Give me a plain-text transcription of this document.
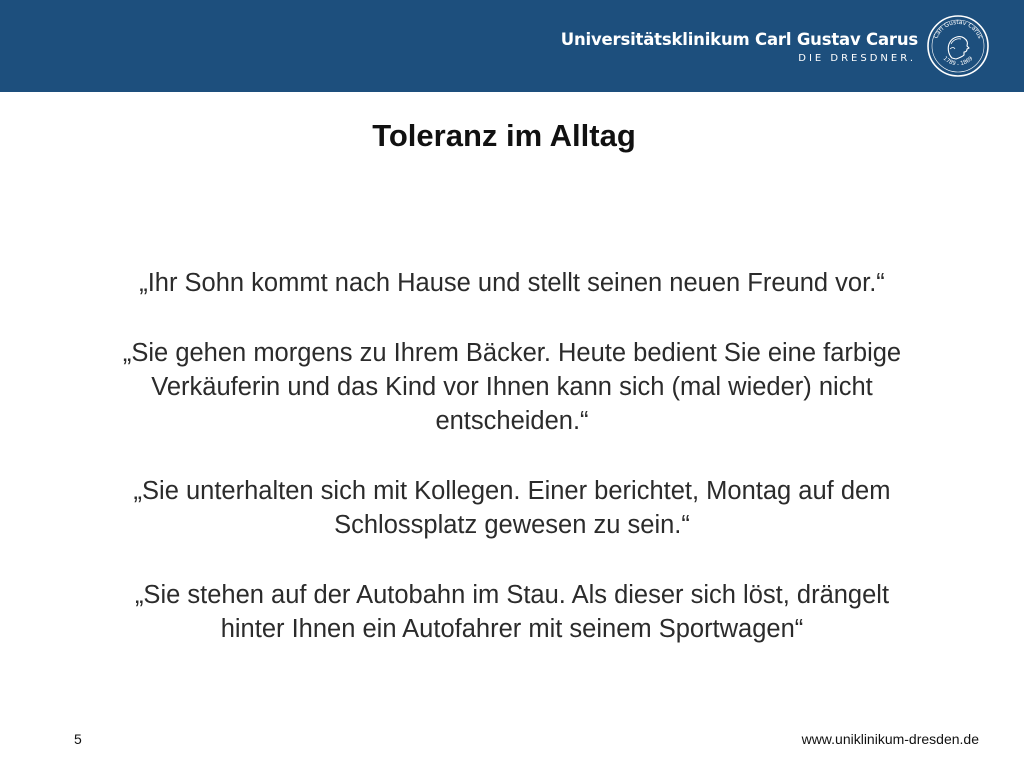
Universitätsklinikum Carl Gustav Carus
DIE DRESDNER.
Carl Gustav Carus
1789 - 1869
Toleranz im Alltag

„Ihr Sohn kommt nach Hause und stellt seinen neuen Freund vor.“

„Sie gehen morgens zu Ihrem Bäcker. Heute bedient Sie eine farbige
Verkäuferin und das Kind vor Ihnen kann sich (mal wieder) nicht
entscheiden.“

„Sie unterhalten sich mit Kollegen. Einer berichtet, Montag auf dem
Schlossplatz gewesen zu sein.“

„Sie stehen auf der Autobahn im Stau. Als dieser sich löst, drängelt
hinter Ihnen ein Autofahrer mit seinem Sportwagen“

5	www.uniklinikum-dresden.de
